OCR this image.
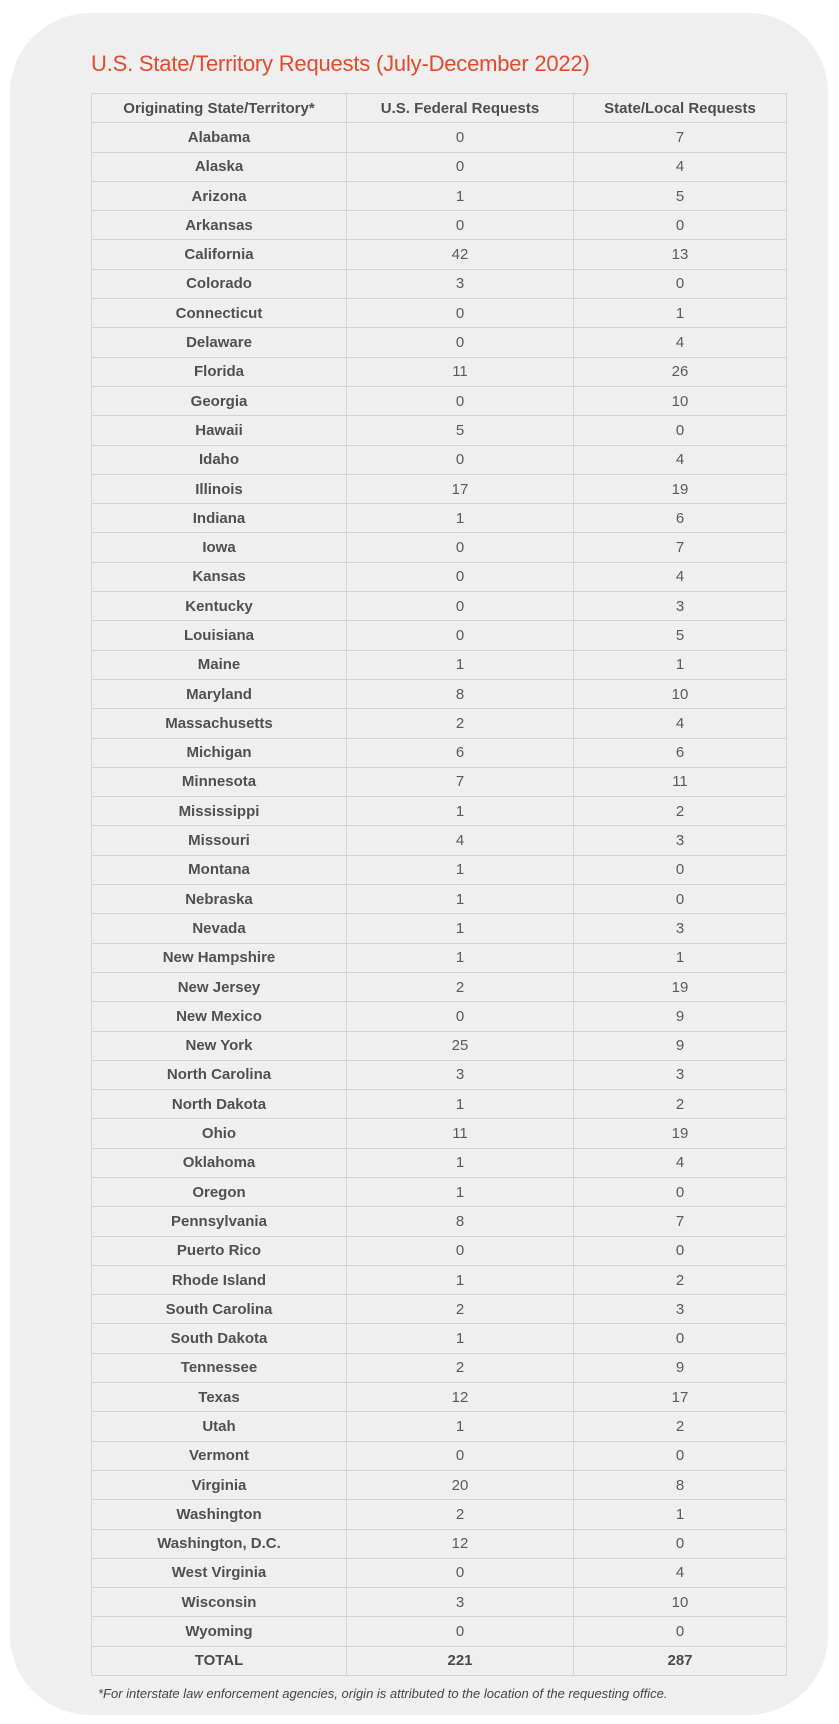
U.S. State/Territory Requests (July-December 2022)
Originating State/Territory*	U.S. Federal Requests	State/Local Requests
Alabama	0	7
Alaska	0	4
Arizona	1	5
Arkansas	0	0
California	42	13
Colorado	3	0
Connecticut	0	1
Delaware	0	4
Florida	11	26
Georgia	0	10
Hawaii	5	0
Idaho	0	4
Illinois	17	19
Indiana	1	6
Iowa	0	7
Kansas	0	4
Kentucky	0	3
Louisiana	0	5
Maine	1	1
Maryland	8	10
Massachusetts	2	4
Michigan	6	6
Minnesota	7	11
Mississippi	1	2
Missouri	4	3
Montana	1	0
Nebraska	1	0
Nevada	1	3
New Hampshire	1	1
New Jersey	2	19
New Mexico	0	9
New York	25	9
North Carolina	3	3
North Dakota	1	2
Ohio	11	19
Oklahoma	1	4
Oregon	1	0
Pennsylvania	8	7
Puerto Rico	0	0
Rhode Island	1	2
South Carolina	2	3
South Dakota	1	0
Tennessee	2	9
Texas	12	17
Utah	1	2
Vermont	0	0
Virginia	20	8
Washington	2	1
Washington, D.C.	12	0
West Virginia	0	4
Wisconsin	3	10
Wyoming	0	0
TOTAL	221	287

*For interstate law enforcement agencies, origin is attributed to the location of the requesting office.
